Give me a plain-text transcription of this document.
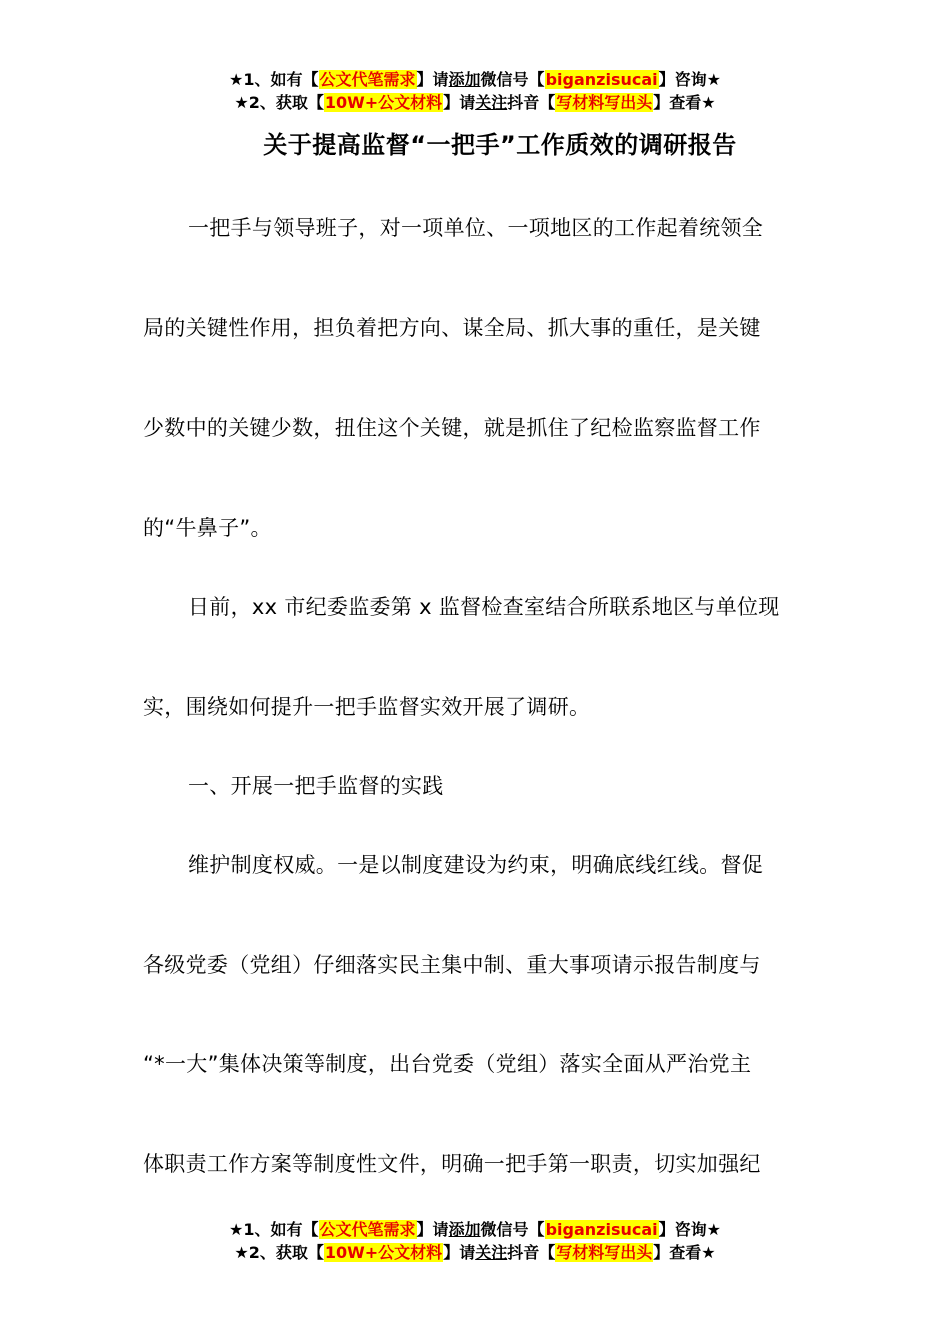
★1、如有【公文代笔需求】请添加微信号【biganzisucai】咨询★
★2、获取【10W+公文材料】请关注抖音【写材料写出头】查看★
关于提高监督“一把手”工作质效的调研报告
一把手与领导班子，对一项单位、一项地区的工作起着统领全
局的关键性作用，担负着把方向、谋全局、抓大事的重任，是关键
少数中的关键少数，扭住这个关键，就是抓住了纪检监察监督工作
的“牛鼻子”。
日前，xx 市纪委监委第 x 监督检查室结合所联系地区与单位现
实，围绕如何提升一把手监督实效开展了调研。
一、开展一把手监督的实践
维护制度权威。一是以制度建设为约束，明确底线红线。督促
各级党委（党组）仔细落实民主集中制、重大事项请示报告制度与
“*一大”集体决策等制度，出台党委（党组）落实全面从严治党主
体职责工作方案等制度性文件，明确一把手第一职责，切实加强纪
★1、如有【公文代笔需求】请添加微信号【biganzisucai】咨询★
★2、获取【10W+公文材料】请关注抖音【写材料写出头】查看★
